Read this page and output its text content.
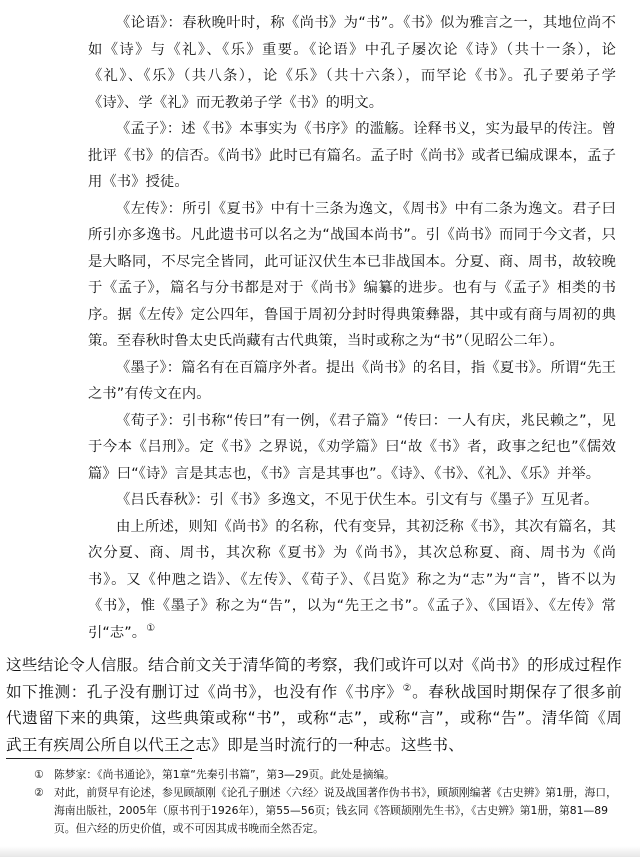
《论语》：春秋晚叶时，称《尚书》为“书”。《书》似为雅言之一，其地位尚不如《诗》与《礼》、《乐》重要。《论语》中孔子屡次论《诗》（共十一条），论《礼》、《乐》（共八条），论《乐》（共十六条），而罕论《书》。孔子要弟子学《诗》、学《礼》而无教弟子学《书》的明文。

《孟子》：述《书》本事实为《书序》的滥觞。诠释书义，实为最早的传注。曾批评《书》的信否。《尚书》此时已有篇名。孟子时《尚书》或者已编成课本，孟子用《书》授徒。

《左传》：所引《夏书》中有十三条为逸文，《周书》中有二条为逸文。君子曰所引亦多逸书。凡此遗书可以名之为“战国本尚书”。引《尚书》而同于今文者，只是大略同，不尽完全皆同，此可证汉伏生本已非战国本。分夏、商、周书，故较晚于《孟子》，篇名与分书都是对于《尚书》编纂的进步。也有与《孟子》相类的书序。据《左传》定公四年，鲁国于周初分封时得典策彝器，其中或有商与周初的典策。至春秋时鲁太史氏尚藏有古代典策，当时或称之为“书”（见昭公二年）。

《墨子》：篇名有在百篇序外者。提出《尚书》的名目，指《夏书》。所谓“先王之书”有传文在内。

《荀子》：引书称“传曰”有一例，《君子篇》“传曰：一人有庆，兆民赖之”，见于今本《吕刑》。定《书》之界说，《劝学篇》曰“故《书》者，政事之纪也”《儒效篇》曰“《诗》言是其志也，《书》言是其事也”。《诗》、《书》、《礼》、《乐》并举。

《吕氏春秋》：引《书》多逸文，不见于伏生本。引文有与《墨子》互见者。

由上所述，则知《尚书》的名称，代有变异，其初泛称《书》，其次有篇名，其次分夏、商、周书，其次称《夏书》为《尚书》，其次总称夏、商、周书为《尚书》。又《仲虺之诰》、《左传》、《荀子》、《吕览》称之为“志”为“言”，皆不以为《书》，惟《墨子》称之为“告”，以为“先王之书”。《孟子》、《国语》、《左传》常引“志”。①

这些结论令人信服。结合前文关于清华简的考察，我们或许可以对《尚书》的形成过程作如下推测：孔子没有删订过《尚书》，也没有作《书序》②。春秋战国时期保存了很多前代遗留下来的典策，这些典策或称“书”，或称“志”，或称“言”，或称“告”。清华简《周武王有疾周公所自以代王之志》即是当时流行的一种志。这些书、

① 陈梦家：《尚书通论》，第1章“先秦引书篇”，第3—29页。此处是摘编。
② 对此，前贤早有论述，参见顾颉刚《论孔子删述〈六经〉说及战国著作伪书书》，顾颉刚编著《古史辨》第1册，海口，海南出版社，2005年（原书刊于1926年），第55—56页；钱玄同《答顾颉刚先生书》，《古史辨》第1册，第81—89页。但六经的历史价值，或不可因其成书晚而全然否定。
